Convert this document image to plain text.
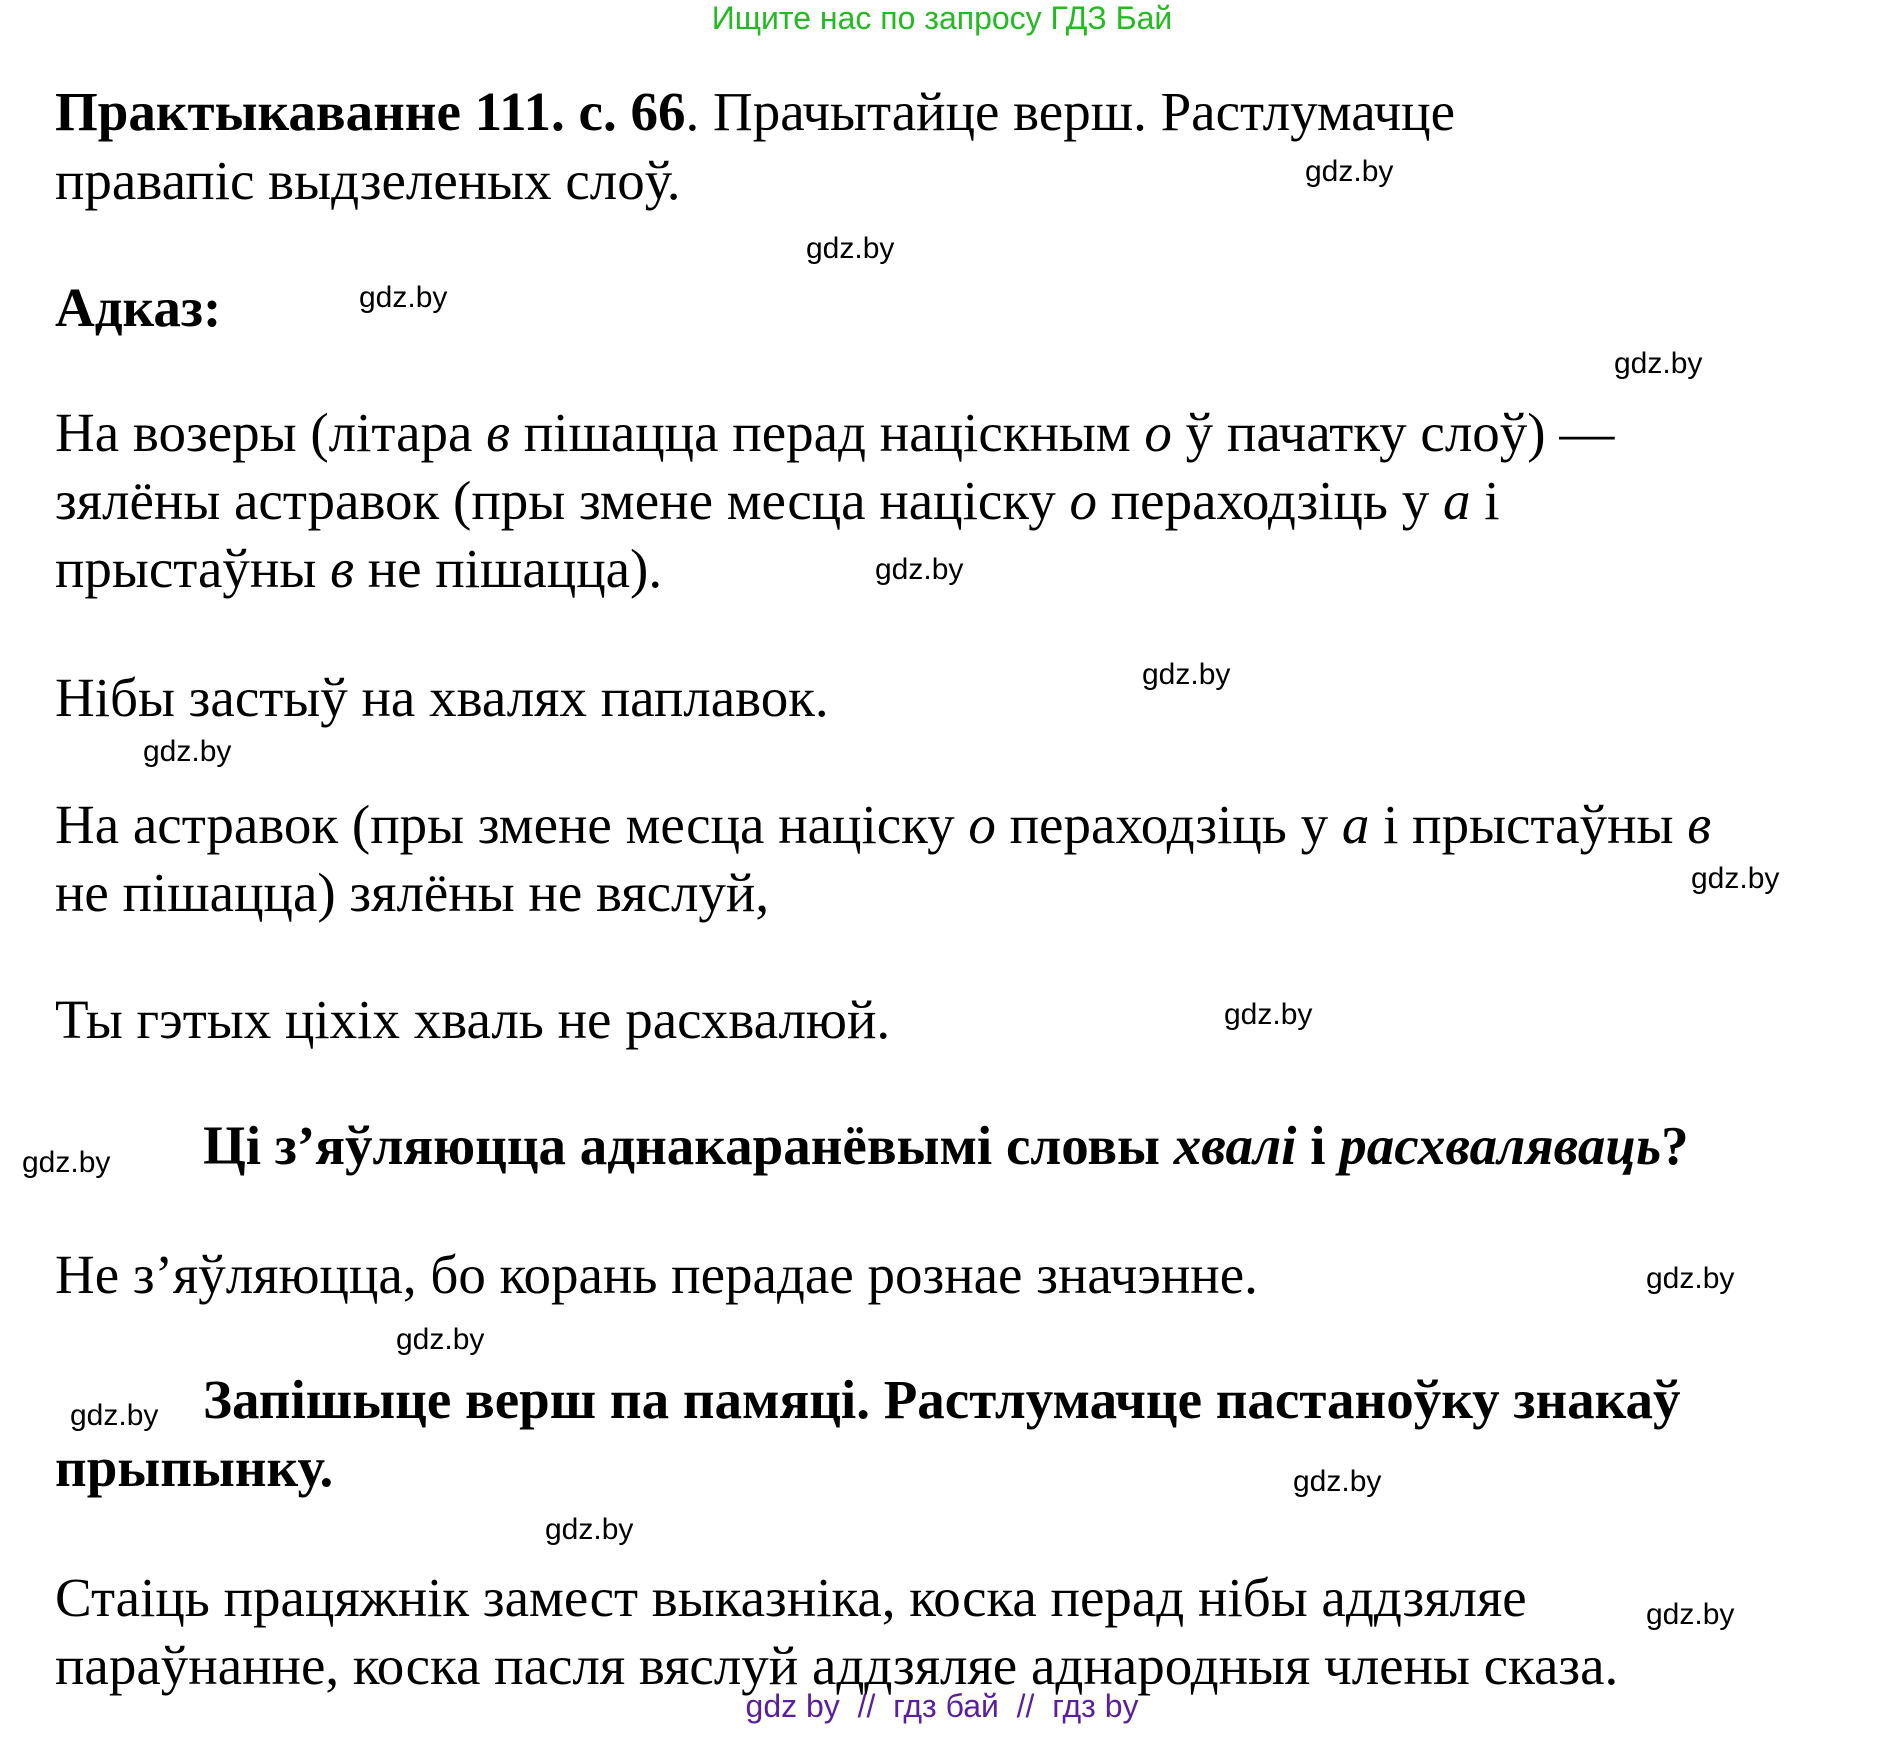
Ищите нас по запросу ГДЗ Бай
Практыкаванне 111. с. 66. Прачытайце верш. Растлумачце
правапіс выдзеленых слоў.
Адказ:
На возеры (літара в пішацца перад націскным о ў пачатку слоў) —
зялёны астравок (пры змене месца націску о пераходзіць у а і
прыстаўны в не пішацца).
Нібы застыў на хвалях паплавок.
На астравок (пры змене месца націску о пераходзіць у а і прыстаўны в
не пішацца) зялёны не вяслуй,
Ты гэтых ціхіх хваль не расхвалюй.
Ці з’яўляюцца аднакаранёвымі словы хвалі і расхваляваць?
Не з’яўляюцца, бо корань перадае рознае значэнне.
Запішыце верш па памяці. Растлумачце пастаноўку знакаў
прыпынку.
Стаіць працяжнік замест выказніка, коска перад нібы аддзяляе
параўнанне, коска пасля вяслуй аддзяляе аднародныя члены сказа.
gdz.by
gdz.by
gdz.by
gdz.by
gdz.by
gdz.by
gdz.by
gdz.by
gdz.by
gdz.by
gdz.by
gdz.by
gdz.by
gdz.by
gdz.by
gdz.by
gdz by  //  гдз бай  //  гдз by
